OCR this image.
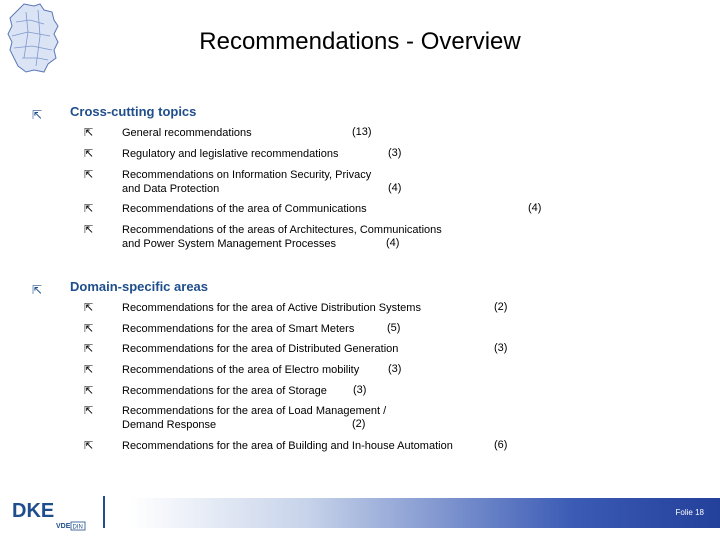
Recommendations - Overview
⇱ Cross-cutting topics
⇱	General recommendations	(13)
⇱	Regulatory and legislative recommendations	(3)
⇱	Recommendations on Information Security, Privacy
and Data Protection	(4)
⇱	Recommendations of the area of Communications	(4)
⇱	Recommendations of the areas of Architectures, Communications
and Power System Management Processes	(4)
⇱ Domain-specific areas
⇱	Recommendations for the area of Active Distribution Systems	(2)
⇱	Recommendations for the area of Smart Meters	(5)
⇱	Recommendations for the area of Distributed Generation	(3)
⇱	Recommendations of the area of Electro mobility	(3)
⇱	Recommendations for the area of Storage (3)
⇱	Recommendations for the area of Load Management /
Demand Response	(2)
⇱	Recommendations for the area of Building and In-house Automation	(6)
DKE
VDE DIN
Folie 18
